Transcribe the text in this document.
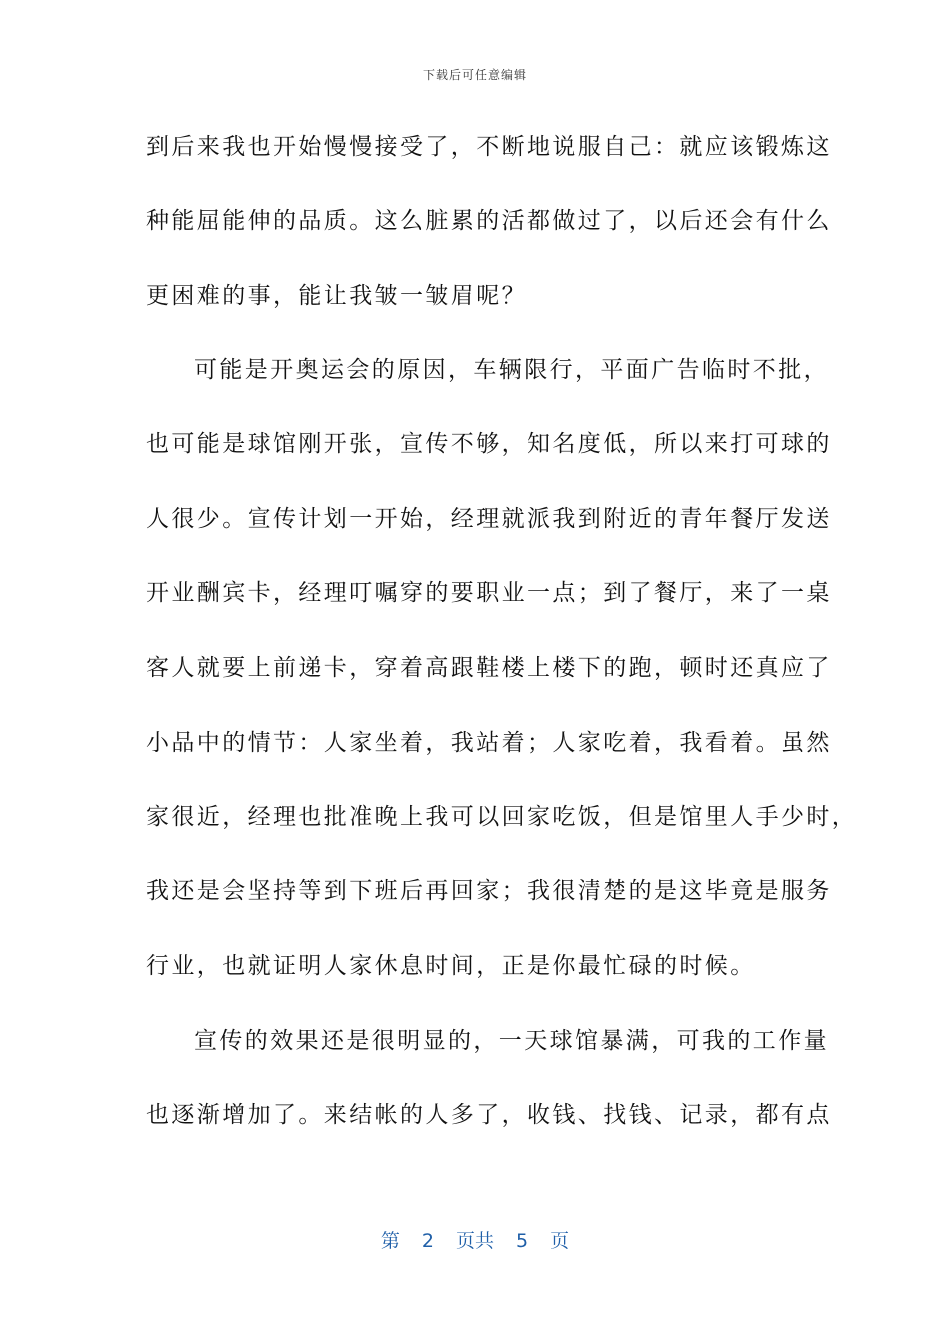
下载后可任意编辑
到后来我也开始慢慢接受了，不断地说服自己：就应该锻炼这
种能屈能伸的品质。这么脏累的活都做过了，以后还会有什么
更困难的事，能让我皱一皱眉呢？
可能是开奥运会的原因，车辆限行，平面广告临时不批，
也可能是球馆刚开张，宣传不够，知名度低，所以来打可球的
人很少。宣传计划一开始，经理就派我到附近的青年餐厅发送
开业酬宾卡，经理叮嘱穿的要职业一点；到了餐厅，来了一桌
客人就要上前递卡，穿着高跟鞋楼上楼下的跑，顿时还真应了
小品中的情节：人家坐着，我站着；人家吃着，我看着。虽然
家很近，经理也批准晚上我可以回家吃饭，但是馆里人手少时，
我还是会坚持等到下班后再回家；我很清楚的是这毕竟是服务
行业，也就证明人家休息时间，正是你最忙碌的时候。
宣传的效果还是很明显的，一天球馆暴满，可我的工作量
也逐渐增加了。来结帐的人多了，收钱、找钱、记录，都有点
第 2 页共 5 页
